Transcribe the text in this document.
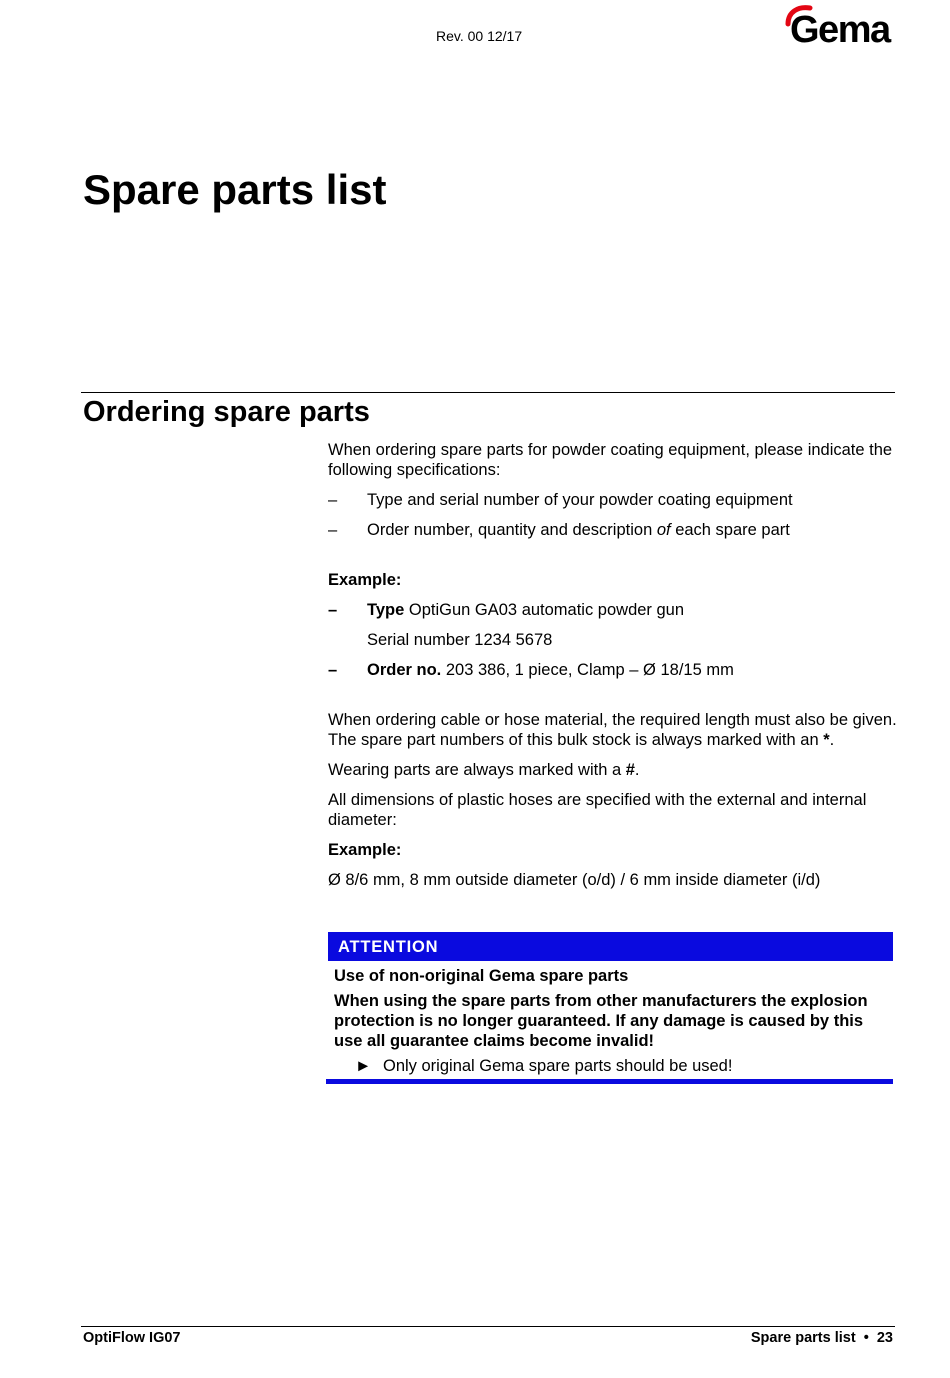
Rev. 00 12/17	Gema
Spare parts list
Ordering spare parts

When ordering spare parts for powder coating equipment, please indicate the following specifications:

–	Type and serial number of your powder coating equipment
–	Order number, quantity and description of each spare part

Example:

–	Type OptiGun GA03 automatic powder gun

Serial number 1234 5678

–	Order no. 203 386, 1 piece, Clamp – Ø 18/15 mm

When ordering cable or hose material, the required length must also be given. The spare part numbers of this bulk stock is always marked with an *.

Wearing parts are always marked with a #.

All dimensions of plastic hoses are specified with the external and internal diameter:

Example:

Ø 8/6 mm, 8 mm outside diameter (o/d) / 6 mm inside diameter (i/d)

ATTENTION

Use of non-original Gema spare parts

When using the spare parts from other manufacturers the explosion protection is no longer guaranteed. If any damage is caused by this use all guarantee claims become invalid!

► Only original Gema spare parts should be used!
OptiFlow IG07	Spare parts list • 23
